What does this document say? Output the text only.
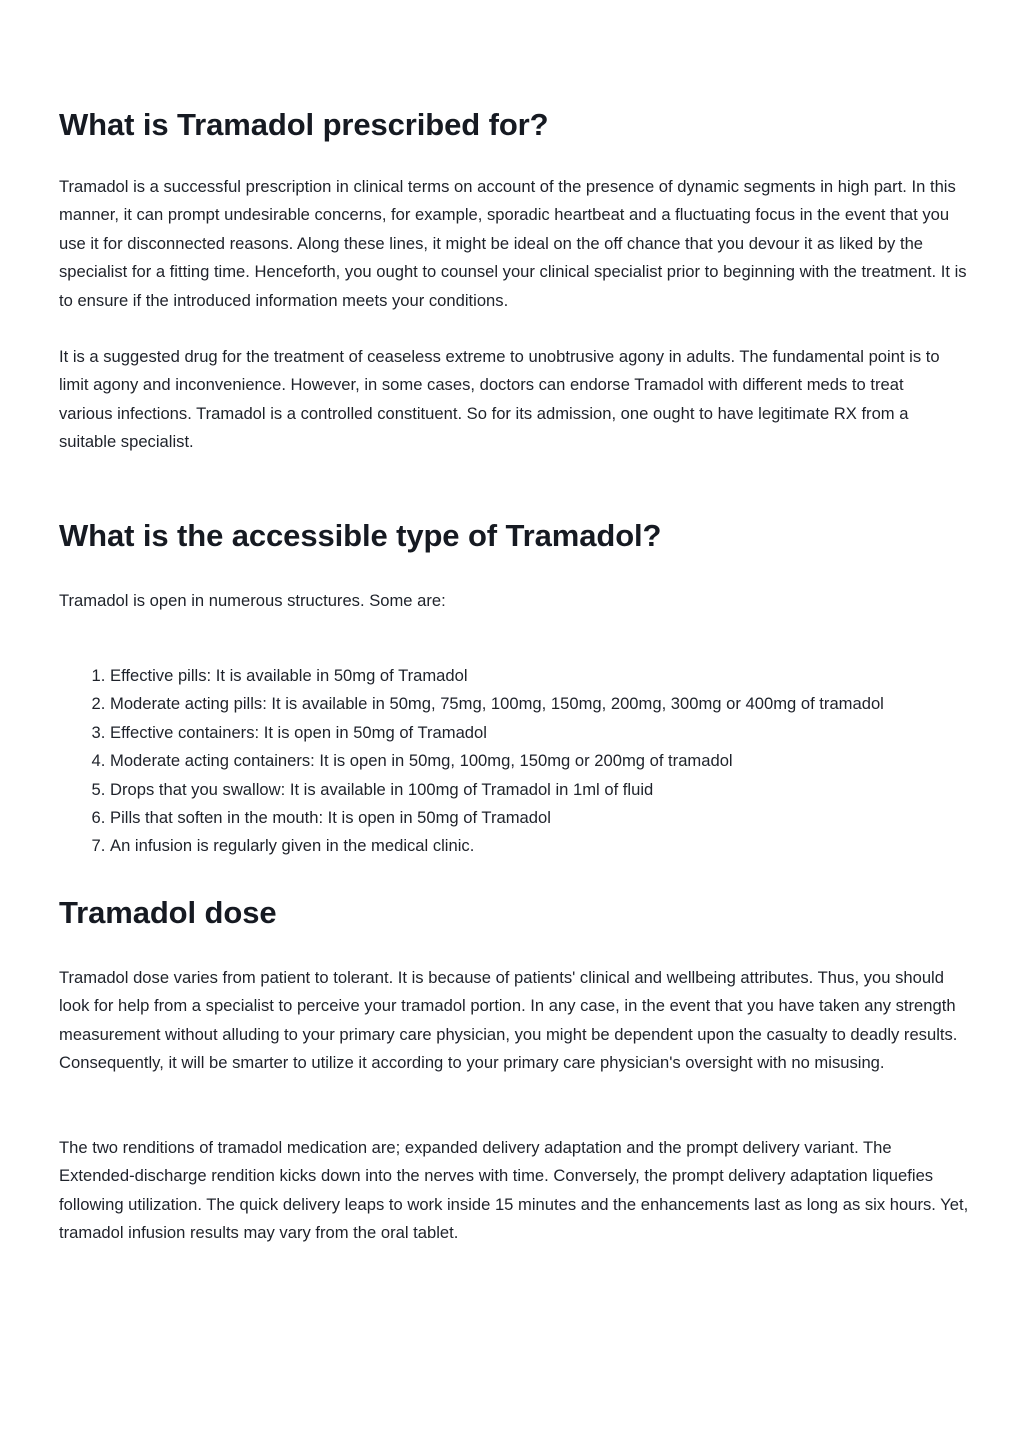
What is Tramadol prescribed for?

Tramadol is a successful prescription in clinical terms on account of the presence of dynamic segments in high part. In this manner, it can prompt undesirable concerns, for example, sporadic heartbeat and a fluctuating focus in the event that you use it for disconnected reasons. Along these lines, it might be ideal on the off chance that you devour it as liked by the specialist for a fitting time. Henceforth, you ought to counsel your clinical specialist prior to beginning with the treatment. It is to ensure if the introduced information meets your conditions.

It is a suggested drug for the treatment of ceaseless extreme to unobtrusive agony in adults. The fundamental point is to limit agony and inconvenience. However, in some cases, doctors can endorse Tramadol with different meds to treat various infections. Tramadol is a controlled constituent. So for its admission, one ought to have legitimate RX from a suitable specialist.

What is the accessible type of Tramadol?

Tramadol is open in numerous structures. Some are:

1. Effective pills: It is available in 50mg of Tramadol
2. Moderate acting pills: It is available in 50mg, 75mg, 100mg, 150mg, 200mg, 300mg or 400mg of tramadol
3. Effective containers: It is open in 50mg of Tramadol
4. Moderate acting containers: It is open in 50mg, 100mg, 150mg or 200mg of tramadol
5. Drops that you swallow: It is available in 100mg of Tramadol in 1ml of fluid
6. Pills that soften in the mouth: It is open in 50mg of Tramadol
7. An infusion is regularly given in the medical clinic.
Tramadol dose

Tramadol dose varies from patient to tolerant. It is because of patients' clinical and wellbeing attributes. Thus, you should look for help from a specialist to perceive your tramadol portion. In any case, in the event that you have taken any strength measurement without alluding to your primary care physician, you might be dependent upon the casualty to deadly results. Consequently, it will be smarter to utilize it according to your primary care physician's oversight with no misusing.

The two renditions of tramadol medication are; expanded delivery adaptation and the prompt delivery variant. The Extended-discharge rendition kicks down into the nerves with time. Conversely, the prompt delivery adaptation liquefies following utilization. The quick delivery leaps to work inside 15 minutes and the enhancements last as long as six hours. Yet, tramadol infusion results may vary from the oral tablet.
